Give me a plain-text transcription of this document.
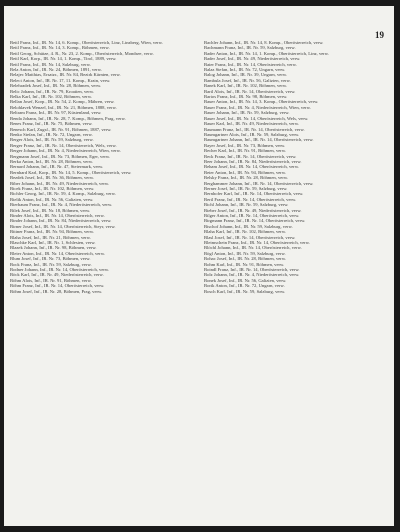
19

Beitl Franz, Inf., IR. Nr. 14, 6. Komp., Oberösterreich, Linz, Linzberg, Wien, verw.

Beitl Franz, Inf., IR. Nr. 14, 3. Komp., Böhmen, verw.

Beitl Georg, Schütze, 4. R., Nr. 23, 2. Komp., Oberösterreich, Mondsee, verw.

Beitl Karl, Korp., IR. Nr. 14, 1. Komp., Tirol, 1889, verw.

Beitl Franz, Inf., IR. Nr. 14, Salzburg, verw.

Bela Anton, Inf., IR. Nr. 24, Böhmen, 1891, verw.

Belajec Matthias, Ersatzr., IR. Nr. 84, Bezirk Kärnten, verw.

Beleci Anton, Inf., IR. Nr. 17, 11. Komp., Krain, verw.

Belehradek Josef, Inf., IR. Nr. 28, Böhmen, verw.

Belic Johann, Inf., IR. Nr. 79, Kroatien, verw.

Belka Karl, Inf., IR. Nr. 102, Böhmen, verw.

Bellan Josef, Korp., IR. Nr. 54, 2. Komp., Mähren, verw.

Belohlavek Wenzel, Inf., IR. Nr. 21, Böhmen, 1888, verw.

Beltram Franz, Inf., IR. Nr. 97, Küstenland, verw.

Benda Johann, Inf., IR. Nr. 28, 7. Komp., Böhmen, Prag, verw.

Benes Franz, Inf., IR. Nr. 75, Böhmen, verw.

Benesch Karl, Zugsf., IR. Nr. 91, Böhmen, 1887, verw.

Benko Stefan, Inf., IR. Nr. 72, Ungarn, verw.

Berger Alois, Inf., IR. Nr. 59, Salzburg, verw.

Berger Franz, Inf., IR. Nr. 14, Oberösterreich, Wels, verw.

Berger Johann, Inf., IR. Nr. 4, Niederösterreich, Wien, verw.

Bergmann Josef, Inf., IR. Nr. 73, Böhmen, Eger, verw.

Berka Anton, Inf., IR. Nr. 28, Böhmen, verw.

Bernard Johann, Inf., IR. Nr. 47, Steiermark, verw.

Bernhard Karl, Korp., IR. Nr. 14, 5. Komp., Oberösterreich, verw.

Bezdek Josef, Inf., IR. Nr. 36, Böhmen, verw.

Biber Johann, Inf., IR. Nr. 49, Niederösterreich, verw.

Bicek Franz, Inf., IR. Nr. 102, Böhmen, verw.

Bichler Georg, Inf., IR. Nr. 59, 4. Komp., Salzburg, verw.

Bielik Anton, Inf., IR. Nr. 56, Galizien, verw.

Bierbaum Franz, Inf., IR. Nr. 4, Niederösterreich, verw.

Bilek Josef, Inf., IR. Nr. 18, Böhmen, verw.

Binder Alois, Inf., IR. Nr. 14, Oberösterreich, verw.

Binder Johann, Inf., IR. Nr. 84, Niederösterreich, verw.

Birner Josef, Inf., IR. Nr. 14, Oberösterreich, Steyr, verw.

Bittner Franz, Inf., IR. Nr. 94, Böhmen, verw.

Blaha Josef, Inf., IR. Nr. 21, Böhmen, verw.

Blaschke Karl, Inf., IR. Nr. 1, Schlesien, verw.

Blazek Johann, Inf., IR. Nr. 98, Böhmen, verw.

Bleier Anton, Inf., IR. Nr. 14, Oberösterreich, verw.

Blum Josef, Inf., IR. Nr. 73, Böhmen, verw.

Bock Franz, Inf., IR. Nr. 59, Salzburg, verw.

Bodner Johann, Inf., IR. Nr. 14, Oberösterreich, verw.

Böck Karl, Inf., IR. Nr. 49, Niederösterreich, verw.

Böhm Alois, Inf., IR. Nr. 91, Böhmen, verw.

Böhm Franz, Inf., IR. Nr. 14, Oberösterreich, verw.

Böhm Josef, Inf., IR. Nr. 28, Böhmen, Prag, verw.

Bachler Johann, Inf., IR. Nr. 14, 8. Komp., Oberösterreich, verw.

Bachmann Franz, Inf., IR. Nr. 59, Salzburg, verw.

Bader Anton, Inf., IR. Nr. 14, 1. Komp., Oberösterreich, Linz, verw.

Bader Josef, Inf., IR. Nr. 49, Niederösterreich, verw.

Baier Franz, Inf., IR. Nr. 14, Oberösterreich, verw.

Balaz Stefan, Inf., IR. Nr. 72, Ungarn, verw.

Balog Johann, Inf., IR. Nr. 39, Ungarn, verw.

Bambula Josef, Inf., IR. Nr. 56, Galizien, verw.

Banek Karl, Inf., IR. Nr. 102, Böhmen, verw.

Bartl Alois, Inf., IR. Nr. 14, Oberösterreich, verw.

Bartos Franz, Inf., IR. Nr. 98, Böhmen, verw.

Bauer Anton, Inf., IR. Nr. 14, 3. Komp., Oberösterreich, verw.

Bauer Franz, Inf., IR. Nr. 4, Niederösterreich, Wien, verw.

Bauer Johann, Inf., IR. Nr. 59, Salzburg, verw.

Bauer Josef, Inf., IR. Nr. 14, Oberösterreich, Wels, verw.

Bauer Karl, Inf., IR. Nr. 49, Niederösterreich, verw.

Baumann Franz, Inf., IR. Nr. 14, Oberösterreich, verw.

Baumgartner Alois, Inf., IR. Nr. 59, Salzburg, verw.

Baumgartner Johann, Inf., IR. Nr. 14, Oberösterreich, verw.

Bayer Josef, Inf., IR. Nr. 73, Böhmen, verw.

Becher Karl, Inf., IR. Nr. 91, Böhmen, verw.

Beck Franz, Inf., IR. Nr. 14, Oberösterreich, verw.

Beer Johann, Inf., IR. Nr. 84, Niederösterreich, verw.

Beham Josef, Inf., IR. Nr. 14, Oberösterreich, verw.

Beier Anton, Inf., IR. Nr. 94, Böhmen, verw.

Belsky Franz, Inf., IR. Nr. 28, Böhmen, verw.

Berghammer Johann, Inf., IR. Nr. 14, Oberösterreich, verw.

Berner Josef, Inf., IR. Nr. 59, Salzburg, verw.

Bernhofer Karl, Inf., IR. Nr. 14, Oberösterreich, verw.

Bertl Franz, Inf., IR. Nr. 14, Oberösterreich, verw.

Bichl Johann, Inf., IR. Nr. 59, Salzburg, verw.

Bieber Josef, Inf., IR. Nr. 49, Niederösterreich, verw.

Bilger Anton, Inf., IR. Nr. 14, Oberösterreich, verw.

Birgmann Franz, Inf., IR. Nr. 14, Oberösterreich, verw.

Bischof Johann, Inf., IR. Nr. 59, Salzburg, verw.

Blaha Karl, Inf., IR. Nr. 102, Böhmen, verw.

Blasl Josef, Inf., IR. Nr. 14, Oberösterreich, verw.

Bleimschein Franz, Inf., IR. Nr. 14, Oberösterreich, verw.

Blöchl Johann, Inf., IR. Nr. 14, Oberösterreich, verw.

Bögl Anton, Inf., IR. Nr. 59, Salzburg, verw.

Bohac Josef, Inf., IR. Nr. 28, Böhmen, verw.

Bohm Karl, Inf., IR. Nr. 91, Böhmen, verw.

Boindl Franz, Inf., IR. Nr. 14, Oberösterreich, verw.

Bolz Johann, Inf., IR. Nr. 4, Niederösterreich, verw.

Bonek Josef, Inf., IR. Nr. 56, Galizien, verw.

Borik Anton, Inf., IR. Nr. 72, Ungarn, verw.

Bosch Karl, Inf., IR. Nr. 59, Salzburg, verw.
